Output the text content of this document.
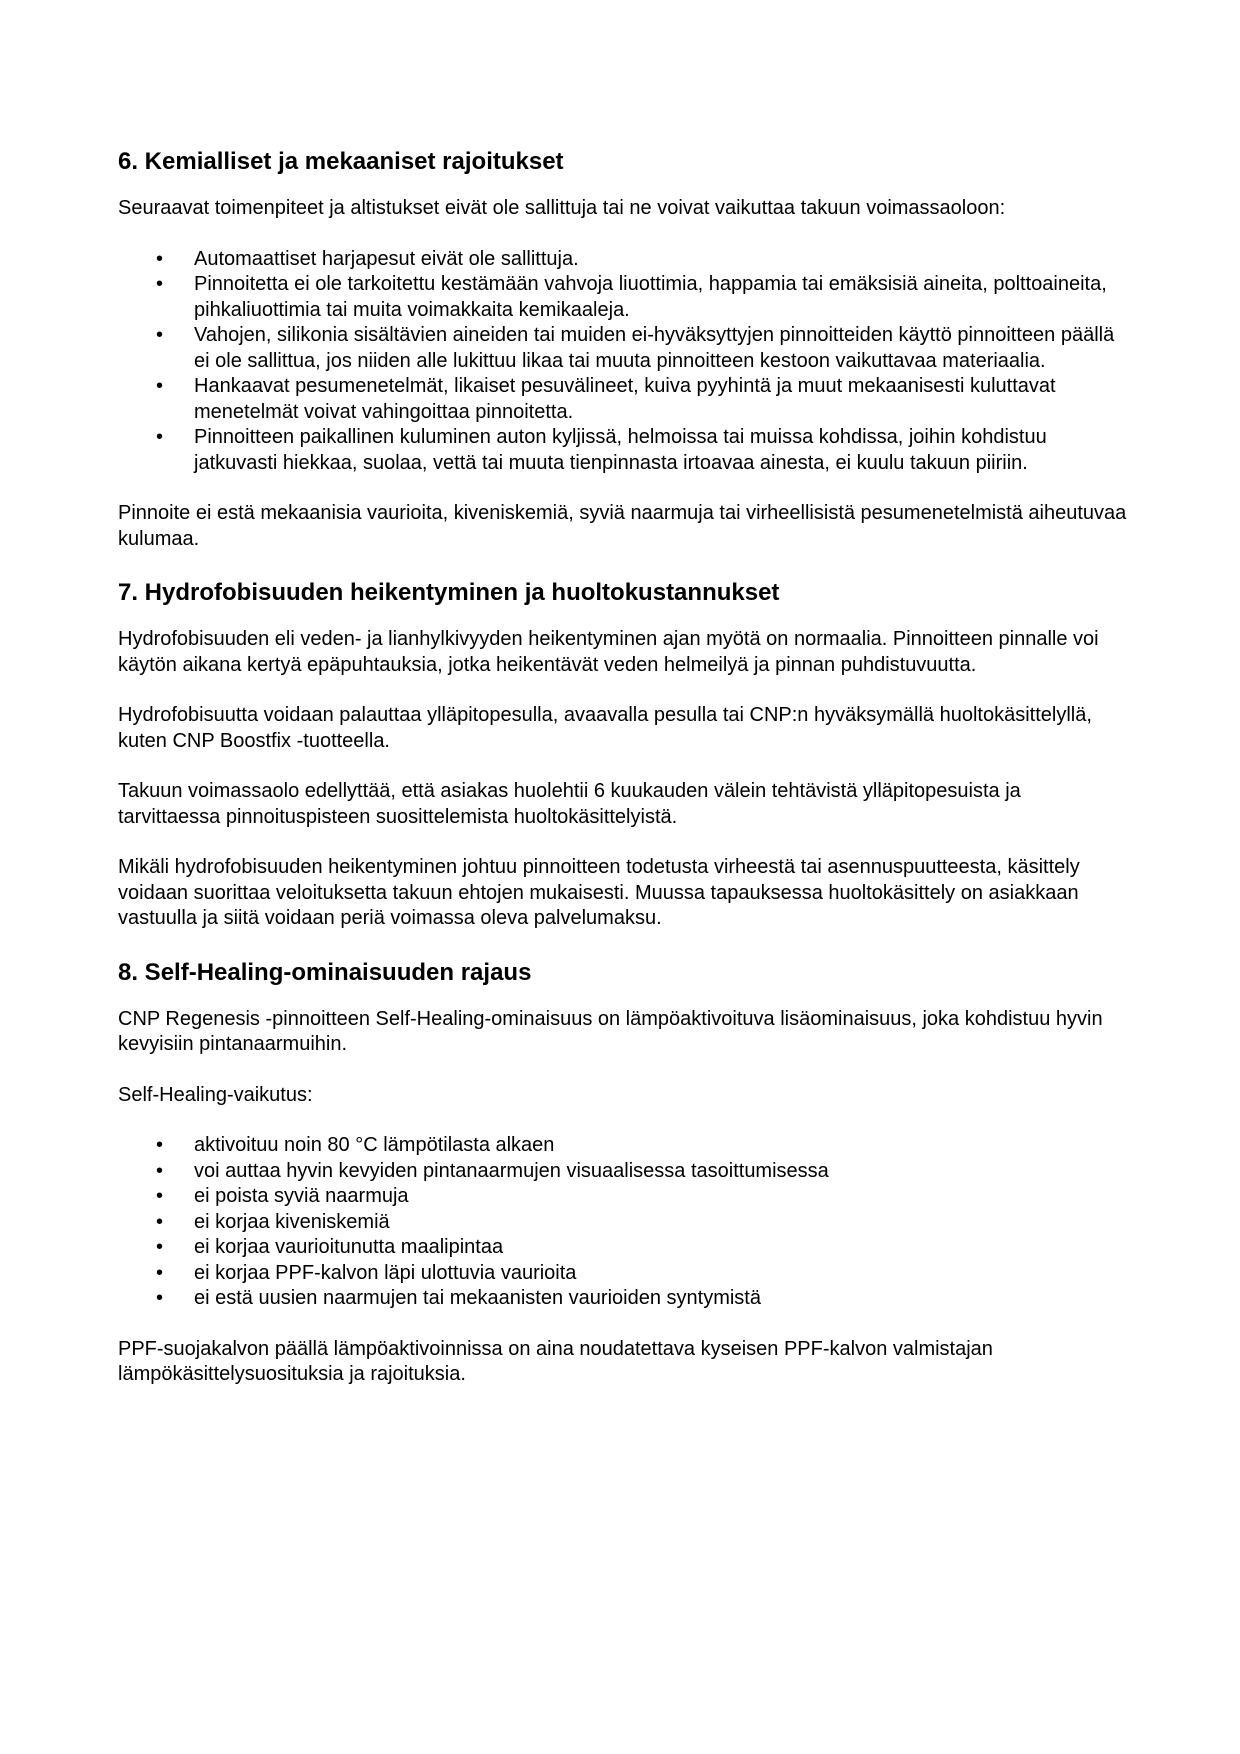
6. Kemialliset ja mekaaniset rajoitukset

Seuraavat toimenpiteet ja altistukset eivät ole sallittuja tai ne voivat vaikuttaa takuun voimassaoloon:

• Automaattiset harjapesut eivät ole sallittuja.
• Pinnoitetta ei ole tarkoitettu kestämään vahvoja liuottimia, happamia tai emäksisiä aineita, polttoaineita, pihkaliuottimia tai muita voimakkaita kemikaaleja.
• Vahojen, silikonia sisältävien aineiden tai muiden ei-hyväksyttyjen pinnoitteiden käyttö pinnoitteen päällä ei ole sallittua, jos niiden alle lukittuu likaa tai muuta pinnoitteen kestoon vaikuttavaa materiaalia.
• Hankaavat pesumenetelmät, likaiset pesuvälineet, kuiva pyyhintä ja muut mekaanisesti kuluttavat menetelmät voivat vahingoittaa pinnoitetta.
• Pinnoitteen paikallinen kuluminen auton kyljissä, helmoissa tai muissa kohdissa, joihin kohdistuu jatkuvasti hiekkaa, suolaa, vettä tai muuta tienpinnasta irtoavaa ainesta, ei kuulu takuun piiriin.

Pinnoite ei estä mekaanisia vaurioita, kiveniskemiä, syviä naarmuja tai virheellisistä pesumenetelmistä aiheutuvaa kulumaa.

7. Hydrofobisuuden heikentyminen ja huoltokustannukset

Hydrofobisuuden eli veden- ja lianhylkivyyden heikentyminen ajan myötä on normaalia. Pinnoitteen pinnalle voi käytön aikana kertyä epäpuhtauksia, jotka heikentävät veden helmeilyä ja pinnan puhdistuvuutta.

Hydrofobisuutta voidaan palauttaa ylläpitopesulla, avaavalla pesulla tai CNP:n hyväksymällä huoltokäsittelyllä, kuten CNP Boostfix -tuotteella.

Takuun voimassaolo edellyttää, että asiakas huolehtii 6 kuukauden välein tehtävistä ylläpitopesuista ja tarvittaessa pinnoituspisteen suosittelemista huoltokäsittelyistä.

Mikäli hydrofobisuuden heikentyminen johtuu pinnoitteen todetusta virheestä tai asennuspuutteesta, käsittely voidaan suorittaa veloituksetta takuun ehtojen mukaisesti. Muussa tapauksessa huoltokäsittely on asiakkaan vastuulla ja siitä voidaan periä voimassa oleva palvelumaksu.

8. Self-Healing-ominaisuuden rajaus

CNP Regenesis -pinnoitteen Self-Healing-ominaisuus on lämpöaktivoituva lisäominaisuus, joka kohdistuu hyvin kevyisiin pintanaarmuihin.

Self-Healing-vaikutus:

• aktivoituu noin 80 °C lämpötilasta alkaen
• voi auttaa hyvin kevyiden pintanaarmujen visuaalisessa tasoittumisessa
• ei poista syviä naarmuja
• ei korjaa kiveniskemiä
• ei korjaa vaurioitunutta maalipintaa
• ei korjaa PPF-kalvon läpi ulottuvia vaurioita
• ei estä uusien naarmujen tai mekaanisten vaurioiden syntymistä

PPF-suojakalvon päällä lämpöaktivoinnissa on aina noudatettava kyseisen PPF-kalvon valmistajan lämpökäsittelysuosituksia ja rajoituksia.
